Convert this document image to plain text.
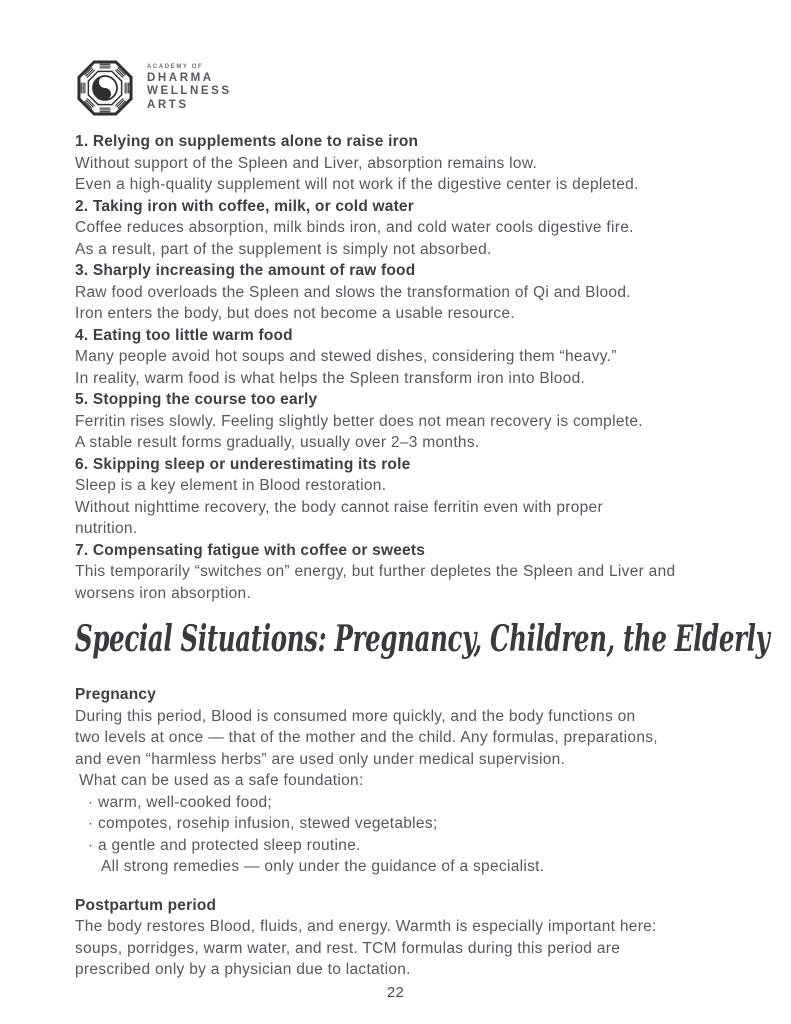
ACADEMY OF
DHARMA
WELLNESS
ARTS
1. Relying on supplements alone to raise iron
Without support of the Spleen and Liver, absorption remains low.
Even a high-quality supplement will not work if the digestive center is depleted.
2. Taking iron with coffee, milk, or cold water
Coffee reduces absorption, milk binds iron, and cold water cools digestive fire.
As a result, part of the supplement is simply not absorbed.
3. Sharply increasing the amount of raw food
Raw food overloads the Spleen and slows the transformation of Qi and Blood.
Iron enters the body, but does not become a usable resource.
4. Eating too little warm food
Many people avoid hot soups and stewed dishes, considering them “heavy.”
In reality, warm food is what helps the Spleen transform iron into Blood.
5. Stopping the course too early
Ferritin rises slowly. Feeling slightly better does not mean recovery is complete.
A stable result forms gradually, usually over 2–3 months.
6. Skipping sleep or underestimating its role
Sleep is a key element in Blood restoration.
Without nighttime recovery, the body cannot raise ferritin even with proper
nutrition.
7. Compensating fatigue with coffee or sweets
This temporarily “switches on” energy, but further depletes the Spleen and Liver and
worsens iron absorption.
Special Situations: Pregnancy, Children, the Elderly
Pregnancy
During this period, Blood is consumed more quickly, and the body functions on
two levels at once — that of the mother and the child. Any formulas, preparations,
and even “harmless herbs” are used only under medical supervision.
What can be used as a safe foundation:
· warm, well-cooked food;
· compotes, rosehip infusion, stewed vegetables;
· a gentle and protected sleep routine.
All strong remedies — only under the guidance of a specialist.
Postpartum period
The body restores Blood, fluids, and energy. Warmth is especially important here:
soups, porridges, warm water, and rest. TCM formulas during this period are
prescribed only by a physician due to lactation.
22
